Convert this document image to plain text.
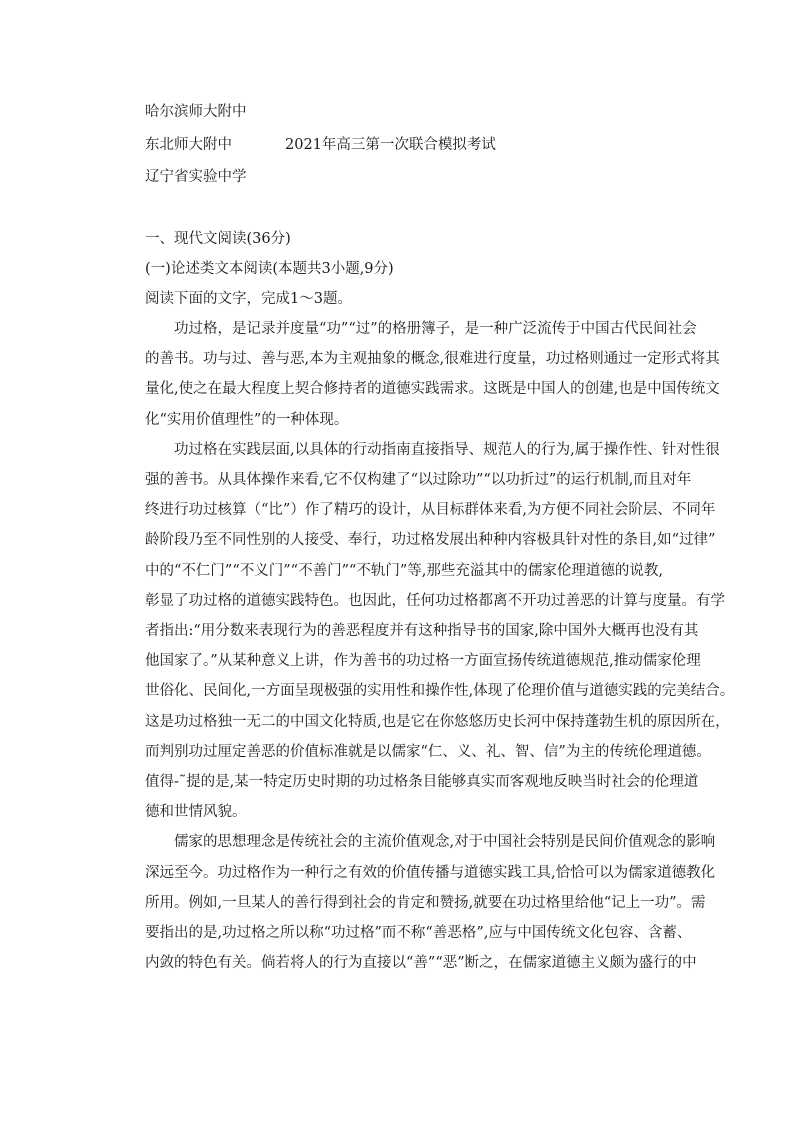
哈尔滨师大附中
东北师大附中	2021年高三第一次联合模拟考试
辽宁省实验中学
一、现代文阅读(36分)
(一)论述类文本阅读(本题共3小题,9分)
阅读下面的文字，完成1～3题。
　　功过格，是记录并度量“功”“过”的格册簿子，是一种广泛流传于中国古代民间社会
的善书。功与过、善与恶,本为主观抽象的概念,很难进行度量，功过格则通过一定形式将其
量化,使之在最大程度上契合修持者的道德实践需求。这既是中国人的创建,也是中国传统文
化“实用价值理性”的一种体现。
　　功过格在实践层面,以具体的行动指南直接指导、规范人的行为,属于操作性、针对性很
强的善书。从具体操作来看,它不仅构建了“以过除功”“以功折过”的运行机制,而且对年
终进行功过核算（“比”）作了精巧的设计，从目标群体来看,为方便不同社会阶层、不同年
龄阶段乃至不同性别的人接受、奉行，功过格发展出种种内容极具针对性的条目,如“过律”
中的“不仁门”“不义门”“不善门”“不轨门”等,那些充溢其中的儒家伦理道德的说教,
彰显了功过格的道德实践特色。也因此，任何功过格都离不开功过善恶的计算与度量。有学
者指出:“用分数来表现行为的善恶程度并有这种指导书的国家,除中国外大概再也没有其
他国家了。”从某种意义上讲，作为善书的功过格一方面宣扬传统道德规范,推动儒家伦理
世俗化、民间化,一方面呈现极强的实用性和操作性,体现了伦理价值与道德实践的完美结合。
这是功过格独一无二的中国文化特质,也是它在你悠悠历史长河中保持蓬勃生机的原因所在，
而判别功过厘定善恶的价值标准就是以儒家“仁、义、礼、智、信”为主的传统伦理道德。
值得-˜提的是,某一特定历史时期的功过格条目能够真实而客观地反映当时社会的伦理道
德和世情风貌。
　　儒家的思想理念是传统社会的主流价值观念,对于中国社会特别是民间价值观念的影响
深远至今。功过格作为一种行之有效的价值传播与道德实践工具,恰恰可以为儒家道德教化
所用。例如,一旦某人的善行得到社会的肯定和赞扬,就要在功过格里给他“记上一功”。需
要指出的是,功过格之所以称“功过格”而不称“善恶格”,应与中国传统文化包容、含蓄、
内敛的特色有关。倘若将人的行为直接以“善”“恶”断之，在儒家道德主义颇为盛行的中
